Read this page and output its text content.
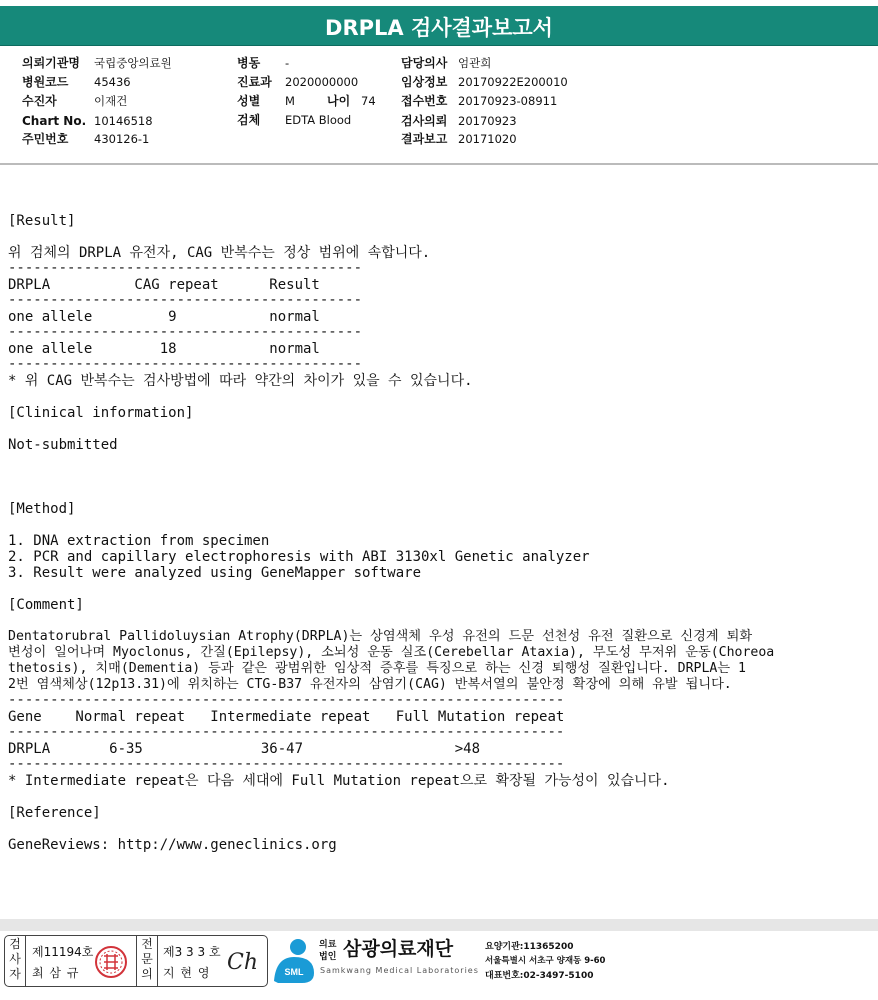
DRPLA 검사결과보고서
의뢰기관명 국립중앙의료원
병원코드 45436
수진자	이재건
Chart No. 10146518
주민번호 430126-1
병동 -
진료과 2020000000
성별 M	나이 74
검체 EDTA Blood
담당의사 엄관희
임상정보 20170922E200010
접수번호 20170923-08911
검사의뢰 20170923
결과보고 20171020
[Result]
위 검체의 DRPLA 유전자, CAG 반복수는 정상 범위에 속합니다.
------------------------------------------
DRPLA          CAG repeat      Result
------------------------------------------
one allele         9           normal
------------------------------------------
one allele        18           normal
------------------------------------------
* 위 CAG 반복수는 검사방법에 따라 약간의 차이가 있을 수 있습니다.
[Clinical information]
Not-submitted
[Method]
1. DNA extraction from specimen
2. PCR and capillary electrophoresis with ABI 3130xl Genetic analyzer
3. Result were analyzed using GeneMapper software
[Comment]
Dentatorubral Pallidoluysian Atrophy(DRPLA)는 상염색체 우성 유전의 드문 선천성 유전 질환으로 신경계 퇴화
변성이 일어나며 Myoclonus, 간질(Epilepsy), 소뇌성 운동 실조(Cerebellar Ataxia), 무도성 무저위 운동(Choreoa
thetosis), 치매(Dementia) 등과 같은 광범위한 임상적 증후를 특징으로 하는 신경 퇴행성 질환입니다. DRPLA는 1
2번 염색체상(12p13.31)에 위치하는 CTG-B37 유전자의 삼염기(CAG) 반복서열의 불안정 확장에 의해 유발 됩니다.
------------------------------------------------------------------
Gene    Normal repeat   Intermediate repeat   Full Mutation repeat
------------------------------------------------------------------
DRPLA       6-35              36-47                  >48
------------------------------------------------------------------
* Intermediate repeat은 다음 세대에 Full Mutation repeat으로 확장될 가능성이 있습니다.
[Reference]
GeneReviews: http://www.geneclinics.org
검
사
자
제11194호
최 삼 규
전
문
의
제3 3 3 호
지 현 영 Ch	SML
의료
법인 삼광의료재단
Samkwang Medical Laboratories
요양기관:11365200
서울특별시 서초구 양재동 9-60
대표번호:02-3497-5100
